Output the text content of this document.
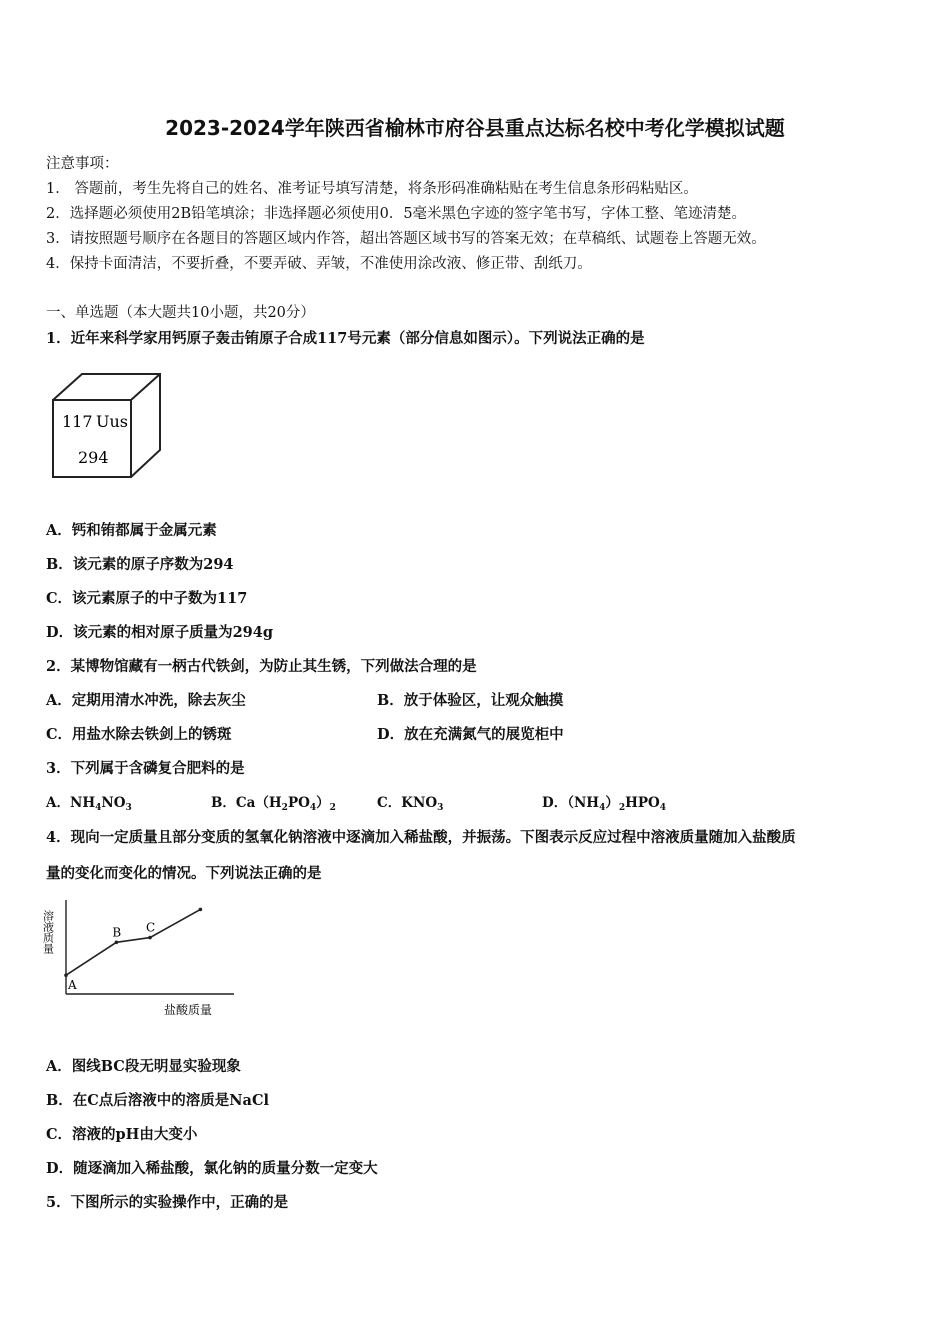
2023-2024学年陕西省榆林市府谷县重点达标名校中考化学模拟试题
注意事项：
1． 答题前，考生先将自己的姓名、准考证号填写清楚，将条形码准确粘贴在考生信息条形码粘贴区。
2．选择题必须使用2B铅笔填涂；非选择题必须使用0．5毫米黑色字迹的签字笔书写，字体工整、笔迹清楚。
3．请按照题号顺序在各题目的答题区域内作答，超出答题区域书写的答案无效；在草稿纸、试题卷上答题无效。
4．保持卡面清洁，不要折叠，不要弄破、弄皱，不准使用涂改液、修正带、刮纸刀。
一、单选题（本大题共10小题，共20分）
1．近年来科学家用钙原子轰击铕原子合成117号元素（部分信息如图示）。下列说法正确的是
117 Uus
294
A．钙和铕都属于金属元素
B．该元素的原子序数为294
C．该元素原子的中子数为117
D．该元素的相对原子质量为294g
2．某博物馆藏有一柄古代铁剑，为防止其生锈，下列做法合理的是
A．定期用清水冲洗，除去灰尘	B．放于体验区，让观众触摸
C．用盐水除去铁剑上的锈斑	D．放在充满氮气的展览柜中
3．下列属于含磷复合肥料的是
A．$NH_4NO_3$	B．$Ca(H_2PO_4)_2$	C．$KNO_3$	D．$(NH_4)_2HPO_4$
4．现向一定质量且部分变质的氢氧化钠溶液中逐滴加入稀盐酸，并振荡。下图表示反应过程中溶液质量随加入盐酸质
量的变化而变化的情况。下列说法正确的是
A
B C
溶液质量
盐酸质量
A．图线BC段无明显实验现象
B．在C点后溶液中的溶质是NaCl
C．溶液的pH由大变小
D．随逐滴加入稀盐酸，氯化钠的质量分数一定变大
5．下图所示的实验操作中，正确的是
